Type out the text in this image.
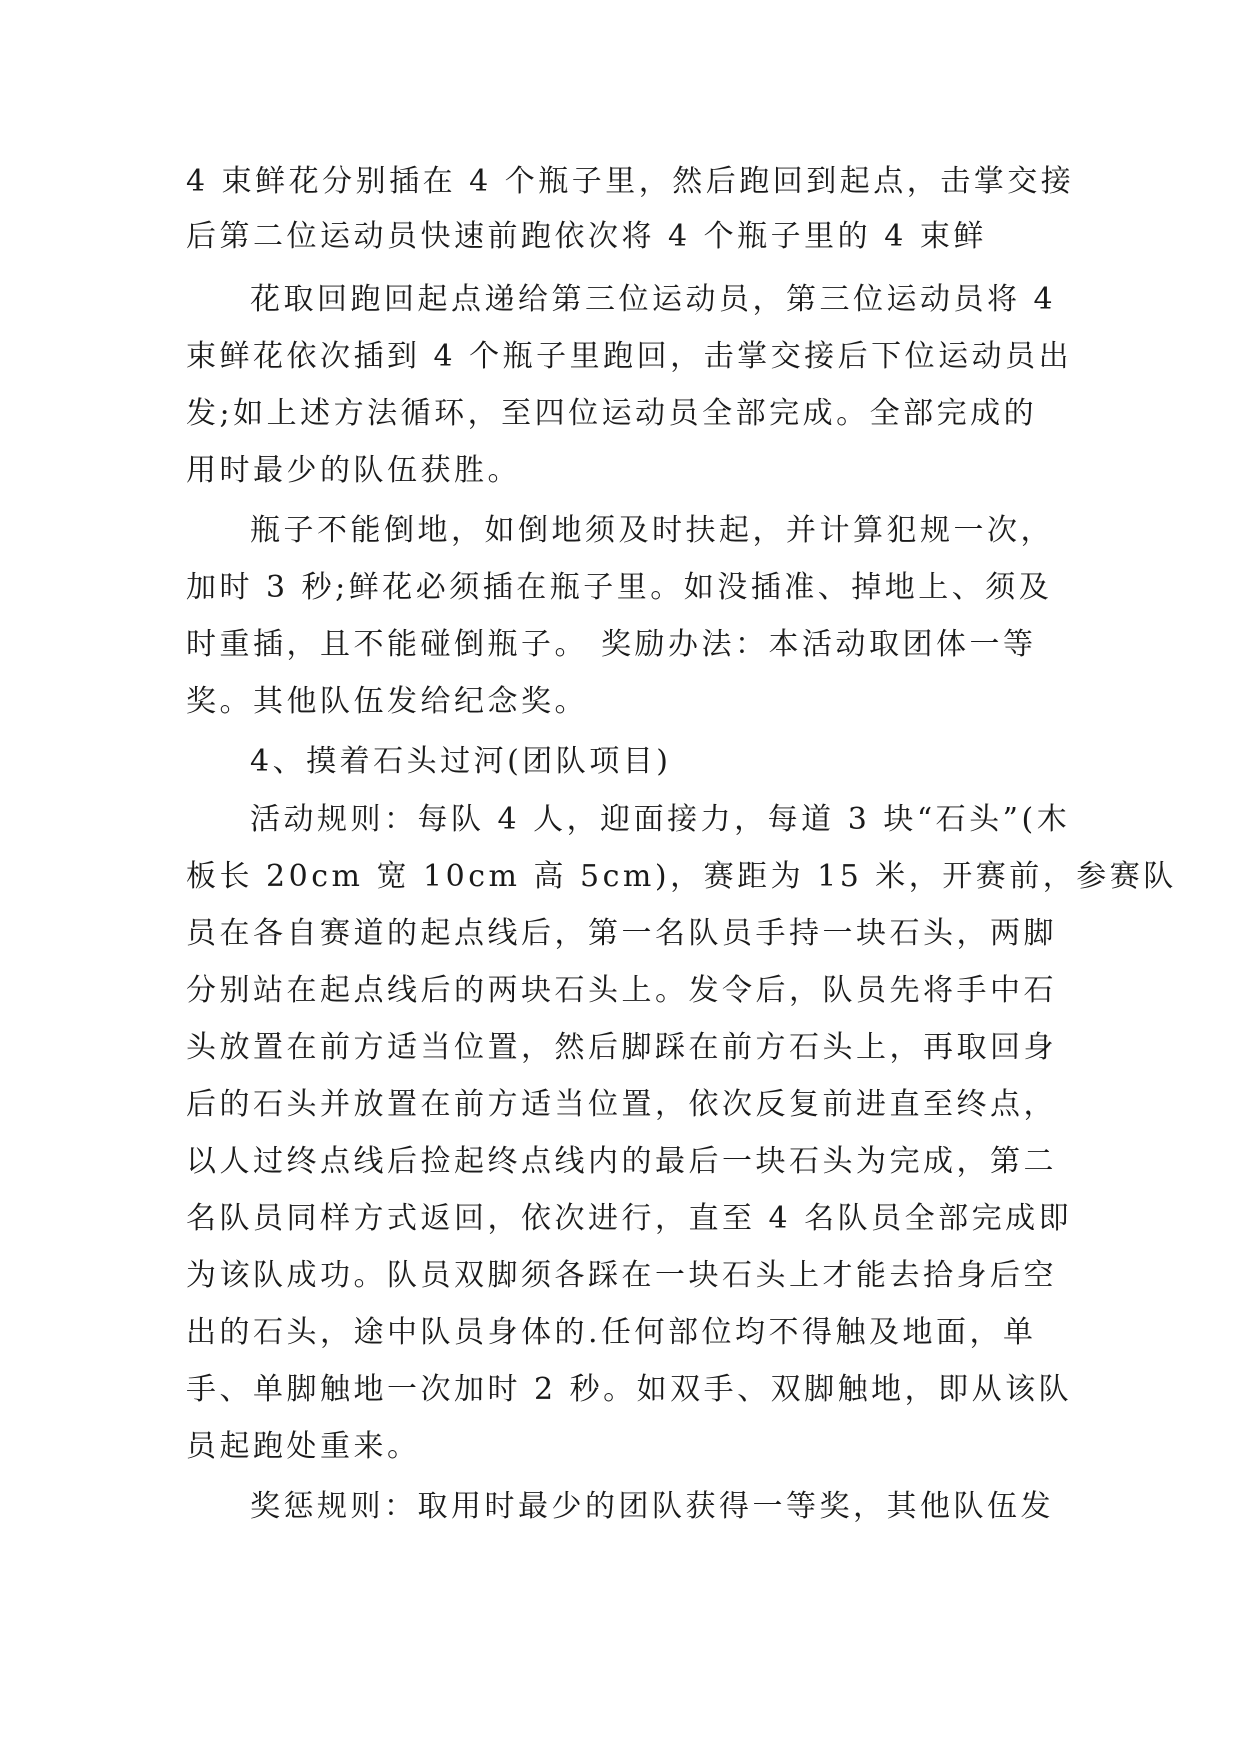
4 束鲜花分别插在 4 个瓶子里，然后跑回到起点，击掌交接
后第二位运动员快速前跑依次将 4 个瓶子里的 4 束鲜
花取回跑回起点递给第三位运动员，第三位运动员将 4
束鲜花依次插到 4 个瓶子里跑回，击掌交接后下位运动员出
发;如上述方法循环，至四位运动员全部完成。全部完成的
用时最少的队伍获胜。
瓶子不能倒地，如倒地须及时扶起，并计算犯规一次，
加时 3 秒;鲜花必须插在瓶子里。如没插准、掉地上、须及
时重插，且不能碰倒瓶子。 奖励办法：本活动取团体一等
奖。其他队伍发给纪念奖。
4、摸着石头过河(团队项目)
活动规则：每队 4 人，迎面接力，每道 3 块“石头”(木
板长 20cm 宽 10cm 高 5cm)，赛距为 15 米，开赛前，参赛队
员在各自赛道的起点线后，第一名队员手持一块石头，两脚
分别站在起点线后的两块石头上。发令后，队员先将手中石
头放置在前方适当位置，然后脚踩在前方石头上，再取回身
后的石头并放置在前方适当位置，依次反复前进直至终点，
以人过终点线后捡起终点线内的最后一块石头为完成，第二
名队员同样方式返回，依次进行，直至 4 名队员全部完成即
为该队成功。队员双脚须各踩在一块石头上才能去拾身后空
出的石头，途中队员身体的.任何部位均不得触及地面，单
手、单脚触地一次加时 2 秒。如双手、双脚触地，即从该队
员起跑处重来。
奖惩规则：取用时最少的团队获得一等奖，其他队伍发
